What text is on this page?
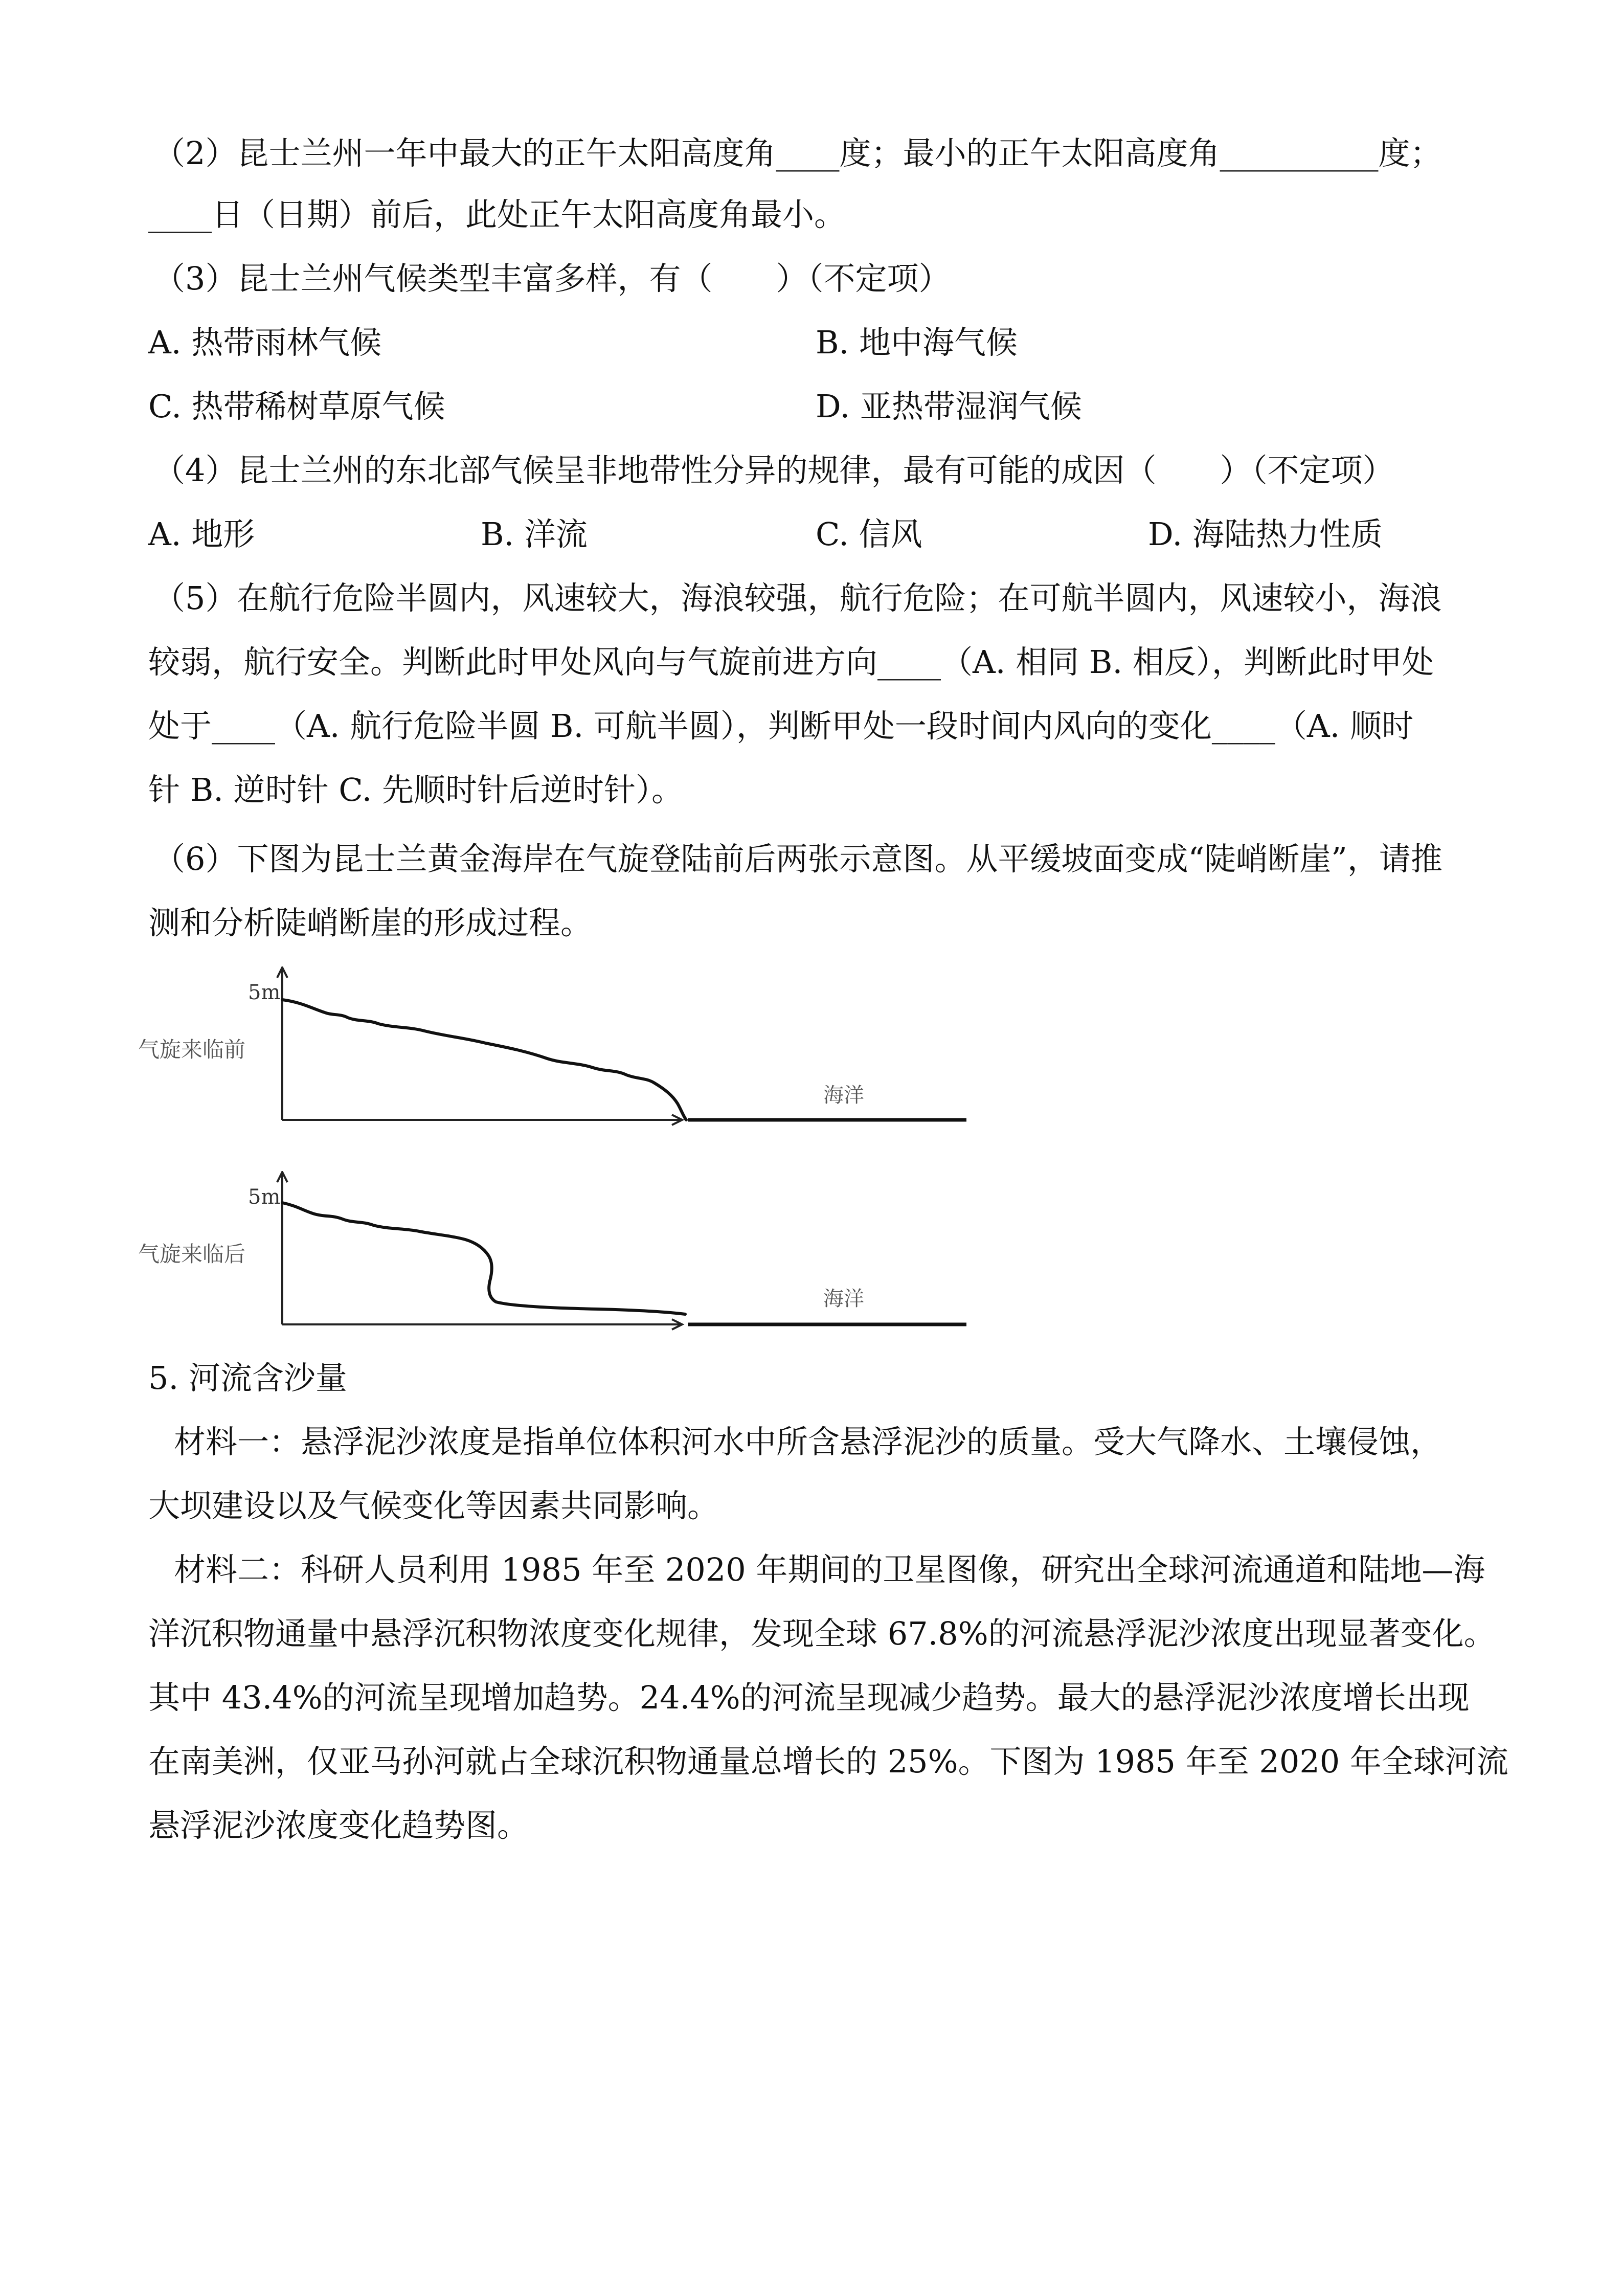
（2）昆士兰州一年中最大的正午太阳高度角____度；最小的正午太阳高度角__________度；

____日（日期）前后，此处正午太阳高度角最小。

（3）昆士兰州气候类型丰富多样，有（　　）（不定项）

A. 热带雨林气候	B. 地中海气候

C. 热带稀树草原气候	D. 亚热带湿润气候

（4）昆士兰州的东北部气候呈非地带性分异的规律，最有可能的成因（　　）（不定项）

A. 地形	B. 洋流	C. 信风	D. 海陆热力性质

（5）在航行危险半圆内，风速较大，海浪较强，航行危险；在可航半圆内，风速较小，海浪

较弱，航行安全。判断此时甲处风向与气旋前进方向____（A. 相同 B. 相反），判断此时甲处

处于____（A. 航行危险半圆 B. 可航半圆），判断甲处一段时间内风向的变化____（A. 顺时

针 B. 逆时针 C. 先顺时针后逆时针）。

（6）下图为昆士兰黄金海岸在气旋登陆前后两张示意图。从平缓坡面变成“陡峭断崖”，请推

测和分析陡峭断崖的形成过程。

气旋来临前
5m
海洋
气旋来临后
5m
海洋

5. 河流含沙量

材料一：悬浮泥沙浓度是指单位体积河水中所含悬浮泥沙的质量。受大气降水、土壤侵蚀，

大坝建设以及气候变化等因素共同影响。

材料二：科研人员利用 1985 年至 2020 年期间的卫星图像，研究出全球河流通道和陆地—海

洋沉积物通量中悬浮沉积物浓度变化规律，发现全球 67.8%的河流悬浮泥沙浓度出现显著变化。

其中 43.4%的河流呈现增加趋势。24.4%的河流呈现减少趋势。最大的悬浮泥沙浓度增长出现

在南美洲，仅亚马孙河就占全球沉积物通量总增长的 25%。下图为 1985 年至 2020 年全球河流

悬浮泥沙浓度变化趋势图。
